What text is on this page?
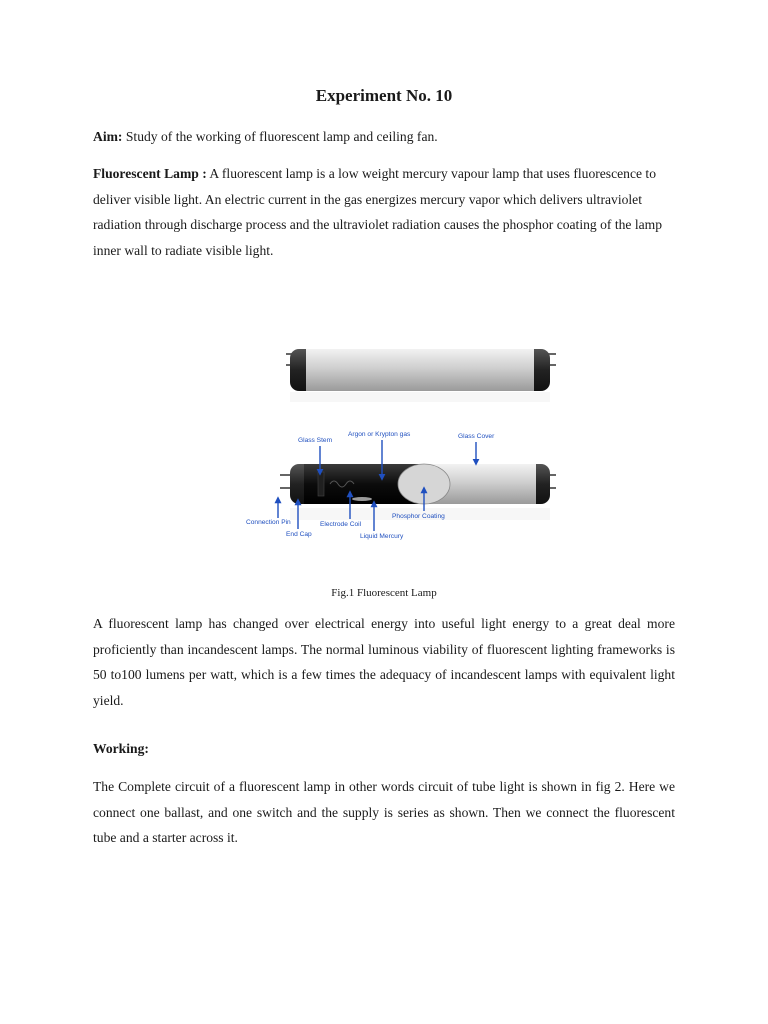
Experiment No. 10

Aim: Study of the working of fluorescent lamp and ceiling fan.

Fluorescent Lamp : A fluorescent lamp is a low weight mercury vapour lamp that uses fluorescence to deliver visible light. An electric current in the gas energizes mercury vapor which delivers ultraviolet radiation through discharge process and the ultraviolet radiation causes the phosphor coating of the lamp inner wall to radiate visible light.

Glass Stem
Argon or Krypton gas	Glass Cover
Connection Pin
End Cap
Electrode Coil
Liquid Mercury
Phosphor Coating
Fig.1 Fluorescent Lamp

A fluorescent lamp has changed over electrical energy into useful light energy to a great deal more proficiently than incandescent lamps. The normal luminous viability of fluorescent lighting frameworks is 50 to100 lumens per watt, which is a few times the adequacy of incandescent lamps with equivalent light yield.

Working:

The Complete circuit of a fluorescent lamp in other words circuit of tube light is shown in fig 2. Here we connect one ballast, and one switch and the supply is series as shown. Then we connect the fluorescent tube and a starter across it.
